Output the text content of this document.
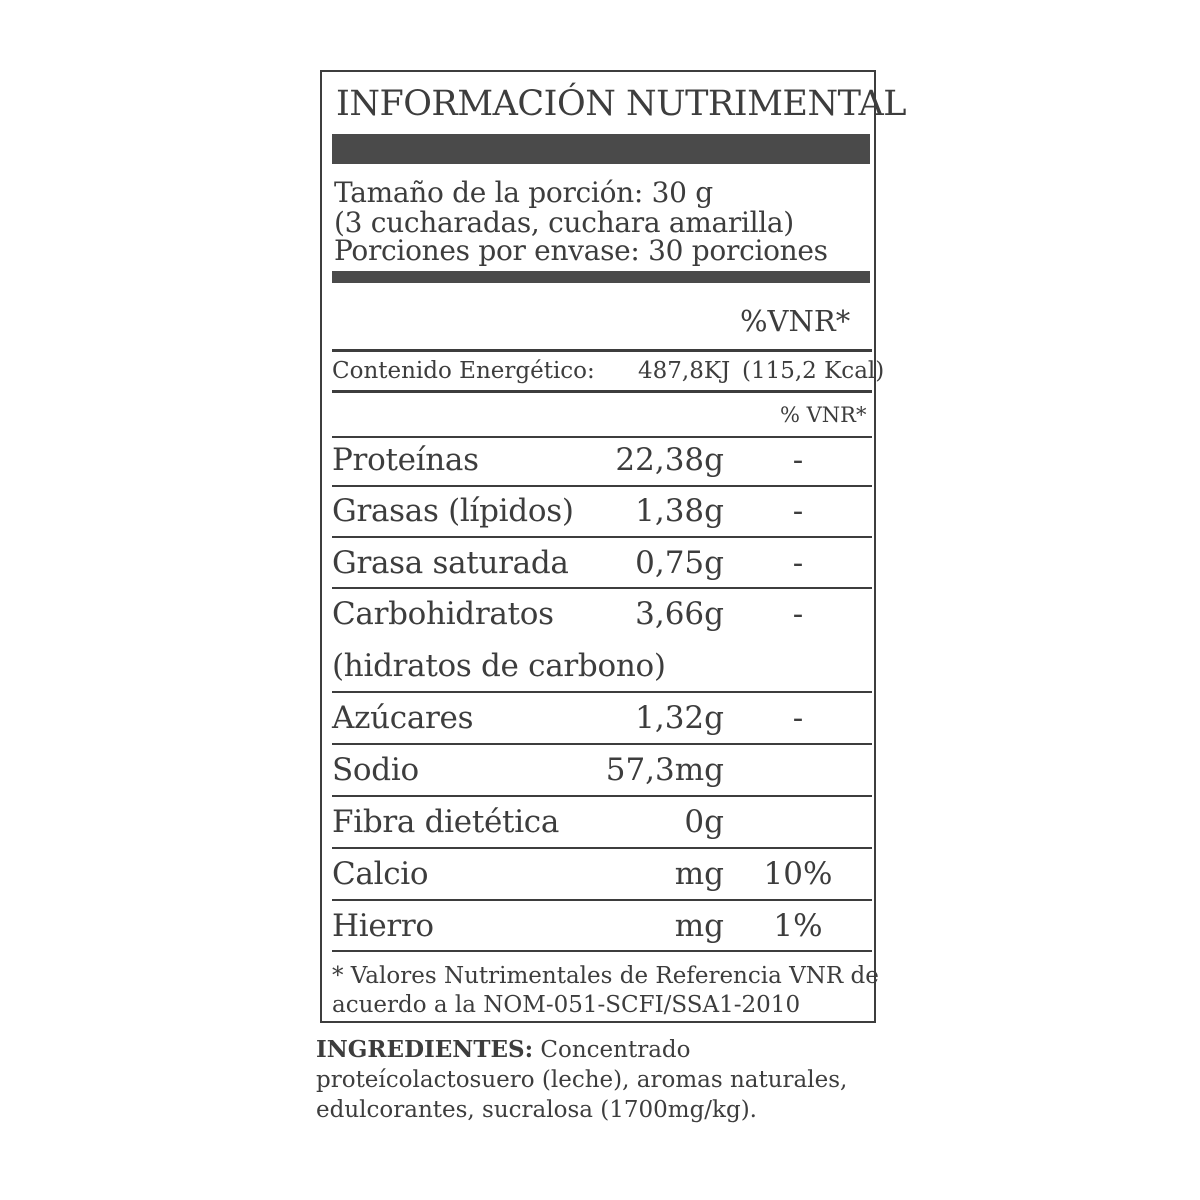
INFORMACIÓN NUTRIMENTAL
Tamaño de la porción: 30 g
(3 cucharadas, cuchara amarilla)
Porciones por envase: 30 porciones
%VNR*
Contenido Energético: 487,8KJ (115,2 Kcal)
% VNR*
Proteínas	22,38g	-
Grasas (lípidos)	1,38g	-
Grasa saturada	0,75g	-
Carbohidratos	3,66g	-
(hidratos de carbono)
Azúcares	1,32g	-
Sodio	57,3mg
Fibra dietética	0g
Calcio	mg 10%
Hierro	mg	1%
* Valores Nutrimentales de Referencia VNR de
acuerdo a la NOM-051-SCFI/SSA1-2010
INGREDIENTES: Concentrado
proteícolactosuero (leche), aromas naturales,
edulcorantes, sucralosa (1700mg/kg).
